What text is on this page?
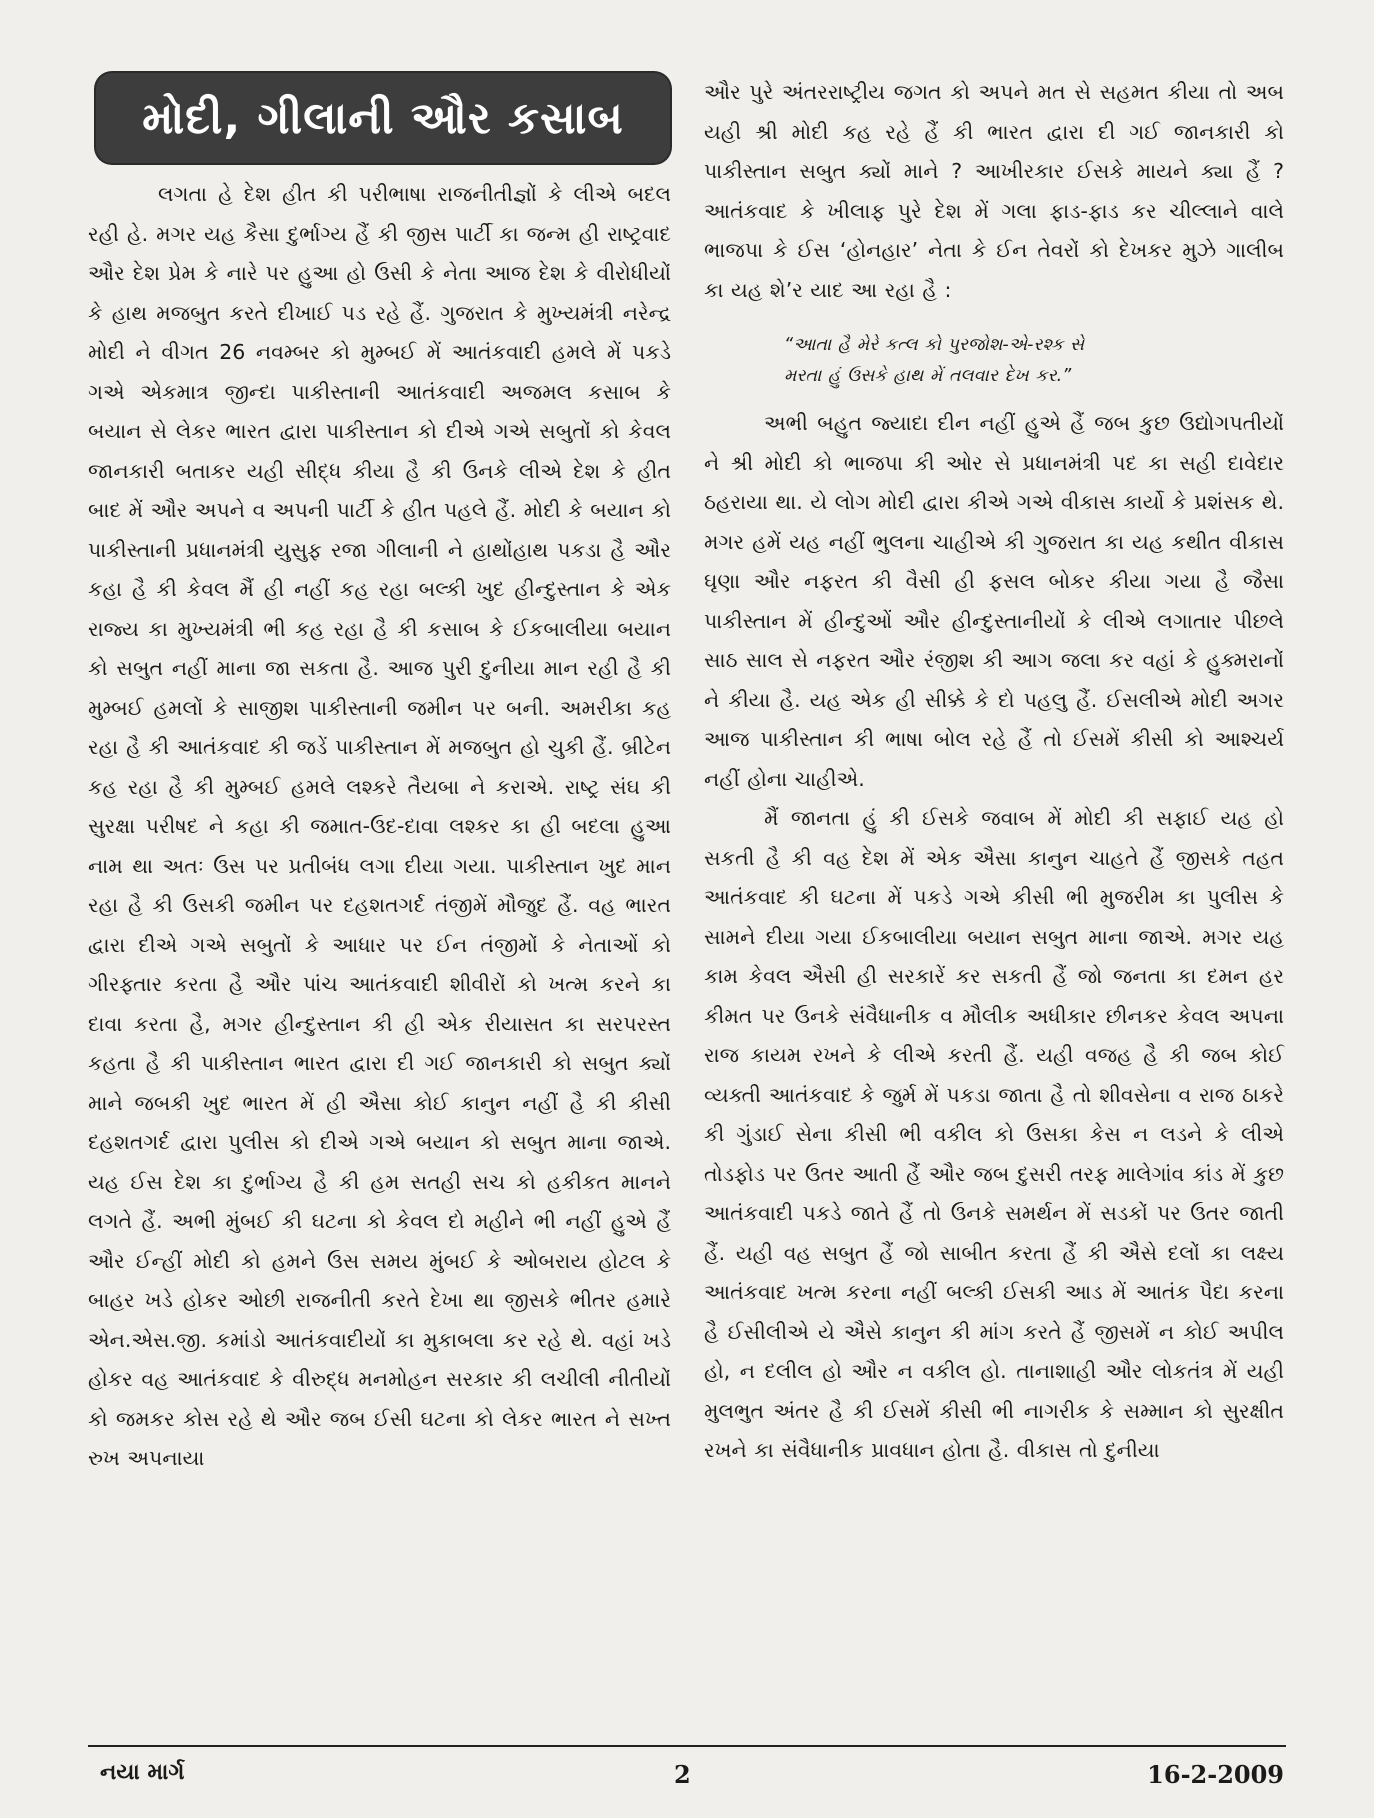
મોદી, ગીલાની ઔર કસાબ

લગતા હે દેશ હીત કી પરીભાષા રાજનીતીજ્ઞોં કે લીએ બદલ રહી હે. મગર યહ કૈસા દુર્ભાગ્ય હૈં કી જીસ પાર્ટી કા જન્મ હી રાષ્ટ્રવાદ ઔર દેશ પ્રેમ કે નારે પર હુઆ હો ઉસી કે નેતા આજ દેશ કે વીરોધીયોં કે હાથ મજબુત કરતે દીખાઈ પડ રહે હૈં. ગુજરાત કે મુખ્યમંત્રી નરેન્દ્ર મોદી ને વીગત 26 નવમ્બર કો મુમ્બઈ મેં આતંકવાદી હમલે મેં પકડે ગએ એકમાત્ર જીન્દા પાકીસ્તાની આતંકવાદી અજમલ કસાબ કે બયાન સે લેકર ભારત દ્વારા પાકીસ્તાન કો દીએ ગએ સબુતોં કો કેવલ જાનકારી બતાકર યહી સીદ્ધ કીયા હૈ કી ઉનકે લીએ દેશ કે હીત બાદ મેં ઔર અપને વ અપની પાર્ટી કે હીત પહલે હૈં. મોદી કે બયાન કો પાકીસ્તાની પ્રધાનમંત્રી યુસુફ રજા ગીલાની ને હાથોંહાથ પકડા હૈ ઔર કહા હૈ કી કેવલ મૈં હી નહીં કહ રહા બલ્કી ખુદ હીન્દુસ્તાન કે એક રાજ્ય કા મુખ્યમંત્રી ભી કહ રહા હૈ કી કસાબ કે ઈકબાલીયા બયાન કો સબુત નહીં માના જા સકતા હૈ. આજ પુરી દુનીયા માન રહી હૈ કી મુમ્બઈ હમલોં કે સાજીશ પાકીસ્તાની જમીન પર બની. અમરીકા કહ રહા હૈ કી આતંકવાદ કી જડેં પાકીસ્તાન મેં મજબુત હો ચુકી હૈં. બ્રીટેન કહ રહા હૈ કી મુમ્બઈ હમલે લશ્કરે તૈયબા ને કરાએ. રાષ્ટ્ર સંઘ કી સુરક્ષા પરીષદ ને કહા કી જમાત-ઉદ-દાવા લશ્કર કા હી બદલા હુઆ નામ થા અતઃ ઉસ પર પ્રતીબંધ લગા દીયા ગયા. પાકીસ્તાન ખુદ માન રહા હૈ કી ઉસકી જમીન પર દહશતગર્દ તંજીમેં મૌજુદ હૈં. વહ ભારત દ્વારા દીએ ગએ સબુતોં કે આધાર પર ઈન તંજીમોં કે નેતાઓં કો ગીરફ્તાર કરતા હૈ ઔર પાંચ આતંકવાદી શીવીરોં કો ખત્મ કરને કા દાવા કરતા હૈ, મગર હીન્દુસ્તાન કી હી એક રીયાસત કા સરપરસ્ત કહતા હૈ કી પાકીસ્તાન ભારત દ્વારા દી ગઈ જાનકારી કો સબુત ક્યોં માને જબકી ખુદ ભારત મેં હી ઐસા કોઈ કાનુન નહીં હૈ કી કીસી દહશતગર્દ દ્વારા પુલીસ કો દીએ ગએ બયાન કો સબુત માના જાએ. યહ ઈસ દેશ કા દુર્ભાગ્ય હૈ કી હમ સતહી સચ કો હકીકત માનને લગતે હૈં. અભી મુંબઈ કી ઘટના કો કેવલ દો મહીને ભી નહીં હુએ હૈં ઔર ઈન્હીં મોદી કો હમને ઉસ સમય મુંબઈ કે ઓબરાય હોટલ કે બાહર ખડે હોકર ઓછી રાજનીતી કરતે દેખા થા જીસકે ભીતર હમારે એન.એસ.જી. કમાંડો આતંકવાદીયોં કા મુકાબલા કર રહે થે. વહાં ખડે હોકર વહ આતંકવાદ કે વીરુદ્ધ મનમોહન સરકાર કી લચીલી નીતીયોં કો જમકર કોસ રહે થે ઔર જબ ઈસી ઘટના કો લેકર ભારત ને સખ્ત રુખ અપનાયા

ઔર પુરે અંતરરાષ્ટ્રીય જગત કો અપને મત સે સહમત કીયા તો અબ યહી શ્રી મોદી કહ રહે હૈં કી ભારત દ્વારા દી ગઈ જાનકારી કો પાકીસ્તાન સબુત ક્યોં માને ? આખીરકાર ઈસકે માયને ક્યા હૈં ? આતંકવાદ કે ખીલાફ પુરે દેશ મેં ગલા ફાડ-ફાડ કર ચીલ્લાને વાલે ભાજપા કે ઈસ ‘હોનહાર’ નેતા કે ઈન તેવરોં કો દેખકર મુઝે ગાલીબ કા યહ શે’ર યાદ આ રહા હૈ :

“આતા હૈ મેરે કત્લ કો પુરજોશ-એ-રશ્ક સે
મરતા હું ઉસકે હાથ મેં તલવાર દેખ કર.”

અભી બહુત જ્યાદા દીન નહીં હુએ હૈં જબ કુછ ઉદ્યોગપતીયોં ને શ્રી મોદી કો ભાજપા કી ઓર સે પ્રધાનમંત્રી પદ કા સહી દાવેદાર ઠહરાયા થા. યે લોગ મોદી દ્વારા કીએ ગએ વીકાસ કાર્યો કે પ્રશંસક થે. મગર હમેં યહ નહીં ભુલના ચાહીએ કી ગુજરાત કા યહ કથીત વીકાસ ઘૃણા ઔર નફરત કી વૈસી હી ફસલ બોકર કીયા ગયા હૈ જૈસા પાકીસ્તાન મેં હીન્દુઓં ઔર હીન્દુસ્તાનીયોં કે લીએ લગાતાર પીછલે સાઠ સાલ સે નફરત ઔર રંજીશ કી આગ જલા કર વહાં કે હુક્મરાનોં ને કીયા હૈ. યહ એક હી સીક્કે કે દો પહલુ હૈં. ઈસલીએ મોદી અગર આજ પાકીસ્તાન કી ભાષા બોલ રહે હૈં તો ઈસમેં કીસી કો આશ્ચર્ય નહીં હોના ચાહીએ.

મૈં જાનતા હું કી ઈસકે જવાબ મેં મોદી કી સફાઈ યહ હો સકતી હૈ કી વહ દેશ મેં એક ઐસા કાનુન ચાહતે હૈં જીસકે તહત આતંકવાદ કી ઘટના મેં પકડે ગએ કીસી ભી મુજરીમ કા પુલીસ કે સામને દીયા ગયા ઈકબાલીયા બયાન સબુત માના જાએ. મગર યહ કામ કેવલ ઐસી હી સરકારેં કર સકતી હૈં જો જનતા કા દમન હર કીમત પર ઉનકે સંવૈધાનીક વ મૌલીક અધીકાર છીનકર કેવલ અપના રાજ કાયમ રખને કે લીએ કરતી હૈં. યહી વજહ હૈ કી જબ કોઈ વ્યક્તી આતંકવાદ કે જુર્મ મેં પકડા જાતા હૈ તો શીવસેના વ રાજ ઠાકરે કી ગુંડાઈ સેના કીસી ભી વકીલ કો ઉસકા કેસ ન લડને કે લીએ તોડફોડ પર ઉતર આતી હૈં ઔર જબ દુસરી તરફ માલેગાંવ કાંડ મેં કુછ આતંકવાદી પકડે જાતે હૈં તો ઉનકે સમર્થન મેં સડકોં પર ઉતર જાતી હૈં. યહી વહ સબુત હૈં જો સાબીત કરતા હૈં કી ઐસે દલોં કા લક્ષ્ય આતંકવાદ ખત્મ કરના નહીં બલ્કી ઈસકી આડ મેં આતંક પૈદા કરના હૈ ઈસીલીએ યે ઐસે કાનુન કી માંગ કરતે હૈં જીસમેં ન કોઈ અપીલ હો, ન દલીલ હો ઔર ન વકીલ હો. તાનાશાહી ઔર લોકતંત્ર મેં યહી મુલભુત અંતર હૈ કી ઈસમેં કીસી ભી નાગરીક કે સમ્માન કો સુરક્ષીત રખને કા સંવૈધાનીક પ્રાવધાન હોતા હૈ. વીકાસ તો દુનીયા

નયા માર્ગ	2	16-2-2009
